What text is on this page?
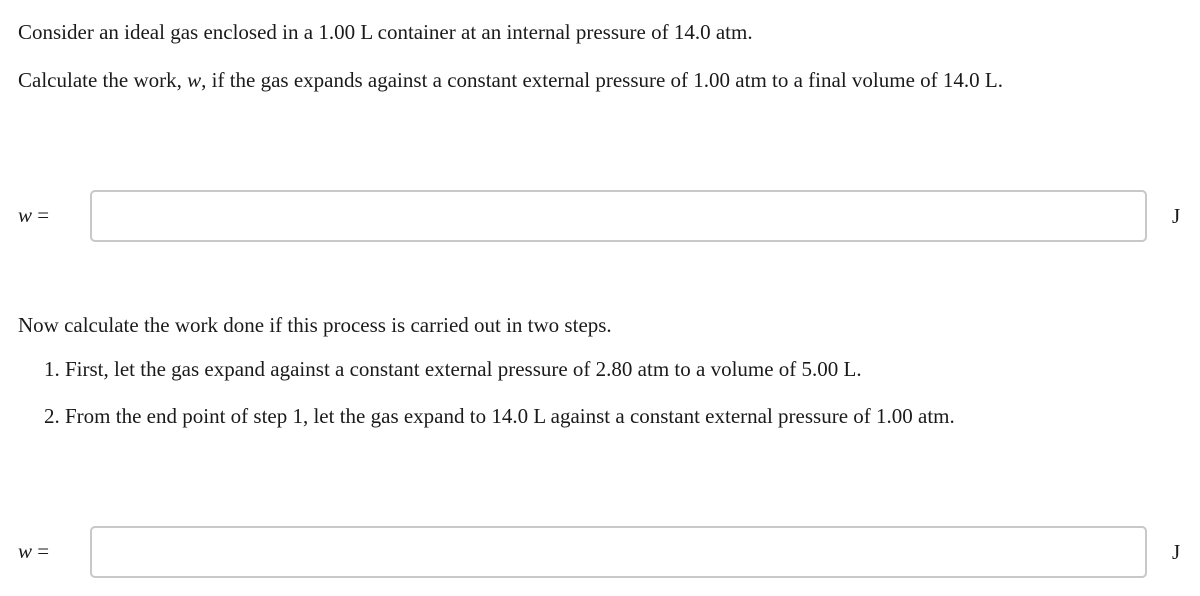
Consider an ideal gas enclosed in a 1.00 L container at an internal pressure of 14.0 atm.
Calculate the work, w, if the gas expands against a constant external pressure of 1.00 atm to a final volume of 14.0 L.
w =	J
Now calculate the work done if this process is carried out in two steps.
1. First, let the gas expand against a constant external pressure of 2.80 atm to a volume of 5.00 L.
2. From the end point of step 1, let the gas expand to 14.0 L against a constant external pressure of 1.00 atm.
w =	J
